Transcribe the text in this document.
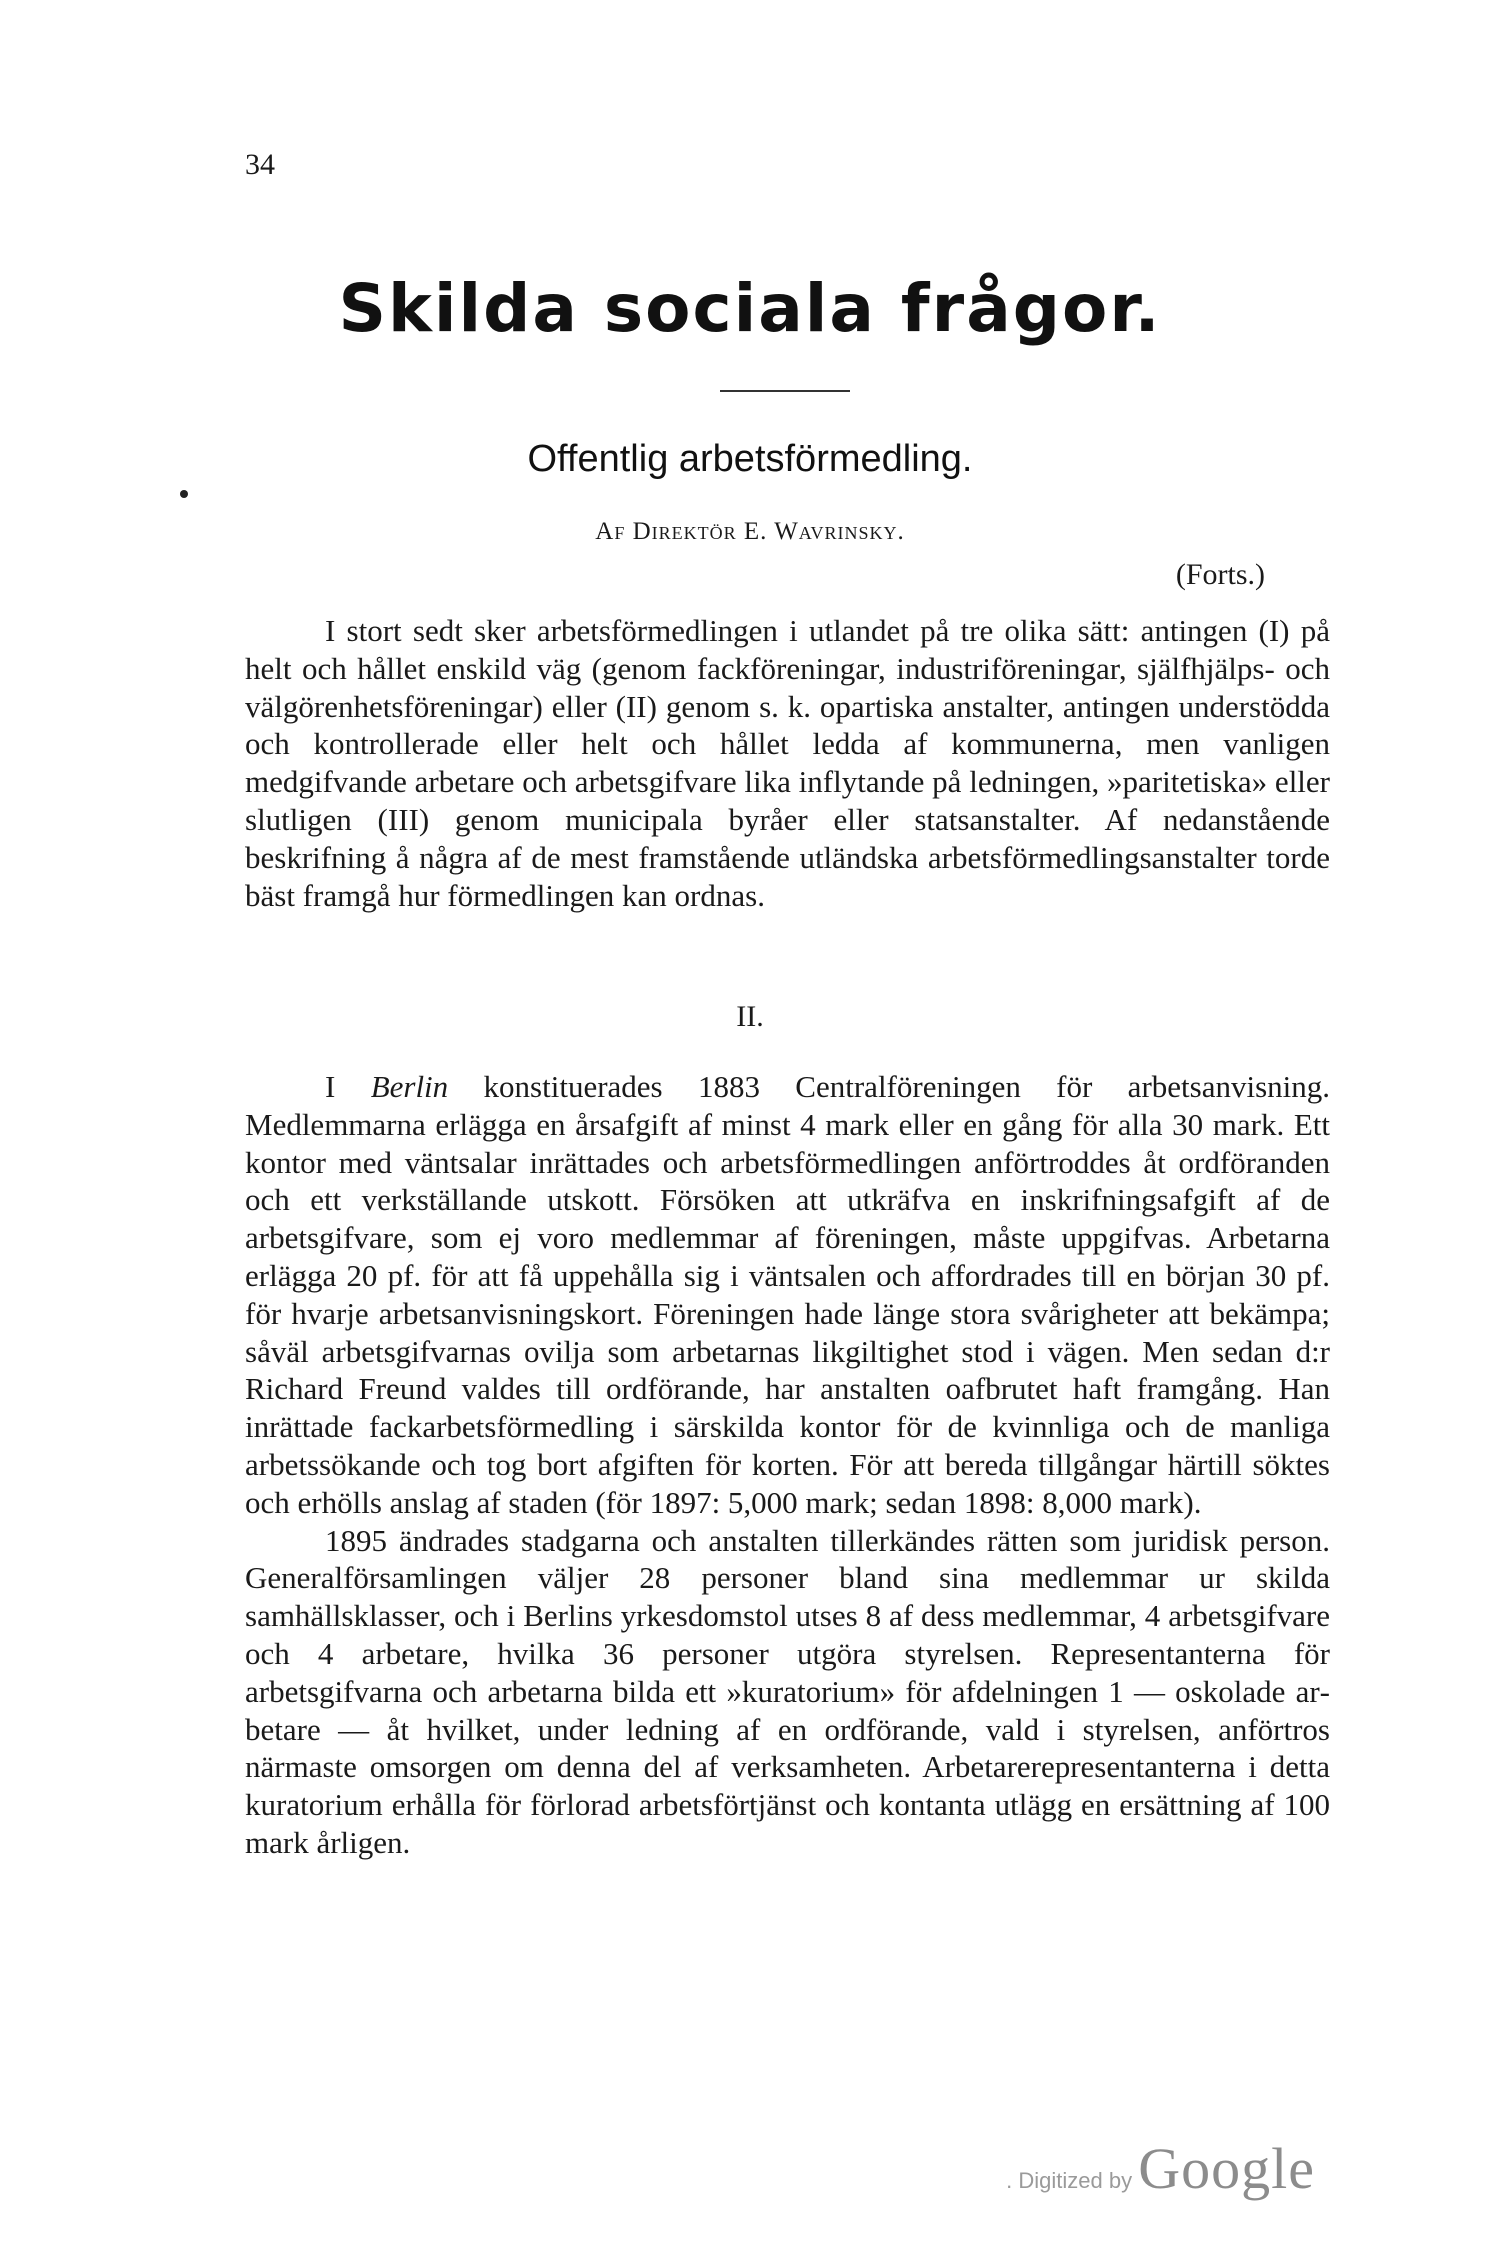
34
Skilda sociala frågor.
Offentlig arbetsförmedling.
Af Direktör E. Wavrinsky.
(Forts.)

I stort sedt sker arbetsförmedlingen i utlandet på tre olika sätt: antingen (I) på helt och hållet enskild väg (genom fackföreningar, industriföreningar, själfhjälps- och välgörenhetsföreningar) eller (II) genom s. k. opartiska anstalter, antingen understödda och kontrollerade eller helt och hållet ledda af kommunerna, men vanligen medgifvande arbetare och arbetsgifvare lika inflytande på ledningen, »paritetiska» eller slutligen (III) genom municipala byråer eller statsanstalter. Af nedanstående beskrifning å några af de mest framstående utländska arbetsförmedlingsanstalter torde bäst framgå hur förmedlingen kan ordnas.

II.

I Berlin konstituerades 1883 Centralföreningen för arbetsanvisning. Medlemmarna erlägga en årsafgift af minst 4 mark eller en gång för alla 30 mark. Ett kontor med väntsalar inrättades och arbetsförmedlingen anförtroddes åt ordföranden och ett verkställande utskott. Försöken att utkräfva en inskrifningsafgift af de arbetsgifvare, som ej voro medlemmar af föreningen, måste uppgifvas. Arbetarna erlägga 20 pf. för att få uppehålla sig i väntsalen och affordrades till en början 30 pf. för hvarje arbetsanvisningskort. Föreningen hade länge stora svårigheter att bekämpa; såväl arbetsgifvarnas ovilja som arbetarnas likgiltighet stod i vägen. Men sedan d:r Richard Freund valdes till ordförande, har anstalten oafbrutet haft framgång. Han inrättade fackarbetsförmedling i särskilda kontor för de kvinnliga och de manliga arbetssökande och tog bort afgiften för korten. För att bereda tillgångar härtill söktes och erhölls anslag af staden (för 1897: 5,000 mark; sedan 1898: 8,000 mark).

1895 ändrades stadgarna och anstalten tillerkändes rätten som juridisk person. Generalförsamlingen väljer 28 personer bland sina medlemmar ur skilda samhällsklasser, och i Berlins yrkesdomstol utses 8 af dess medlemmar, 4 arbetsgifvare och 4 arbetare, hvilka 36 personer utgöra styrelsen. Representanterna för arbetsgifvarna och arbetarna bilda ett »kuratorium» för afdelningen 1 — oskolade arbetare — åt hvilket, under ledning af en ordförande, vald i styrelsen, anförtros närmaste omsorgen om denna del af verksamheten. Arbetarerepresentanterna i detta kuratorium erhålla för förlorad arbetsförtjänst och kontanta utlägg en ersättning af 100 mark årligen.

. Digitized by Google
